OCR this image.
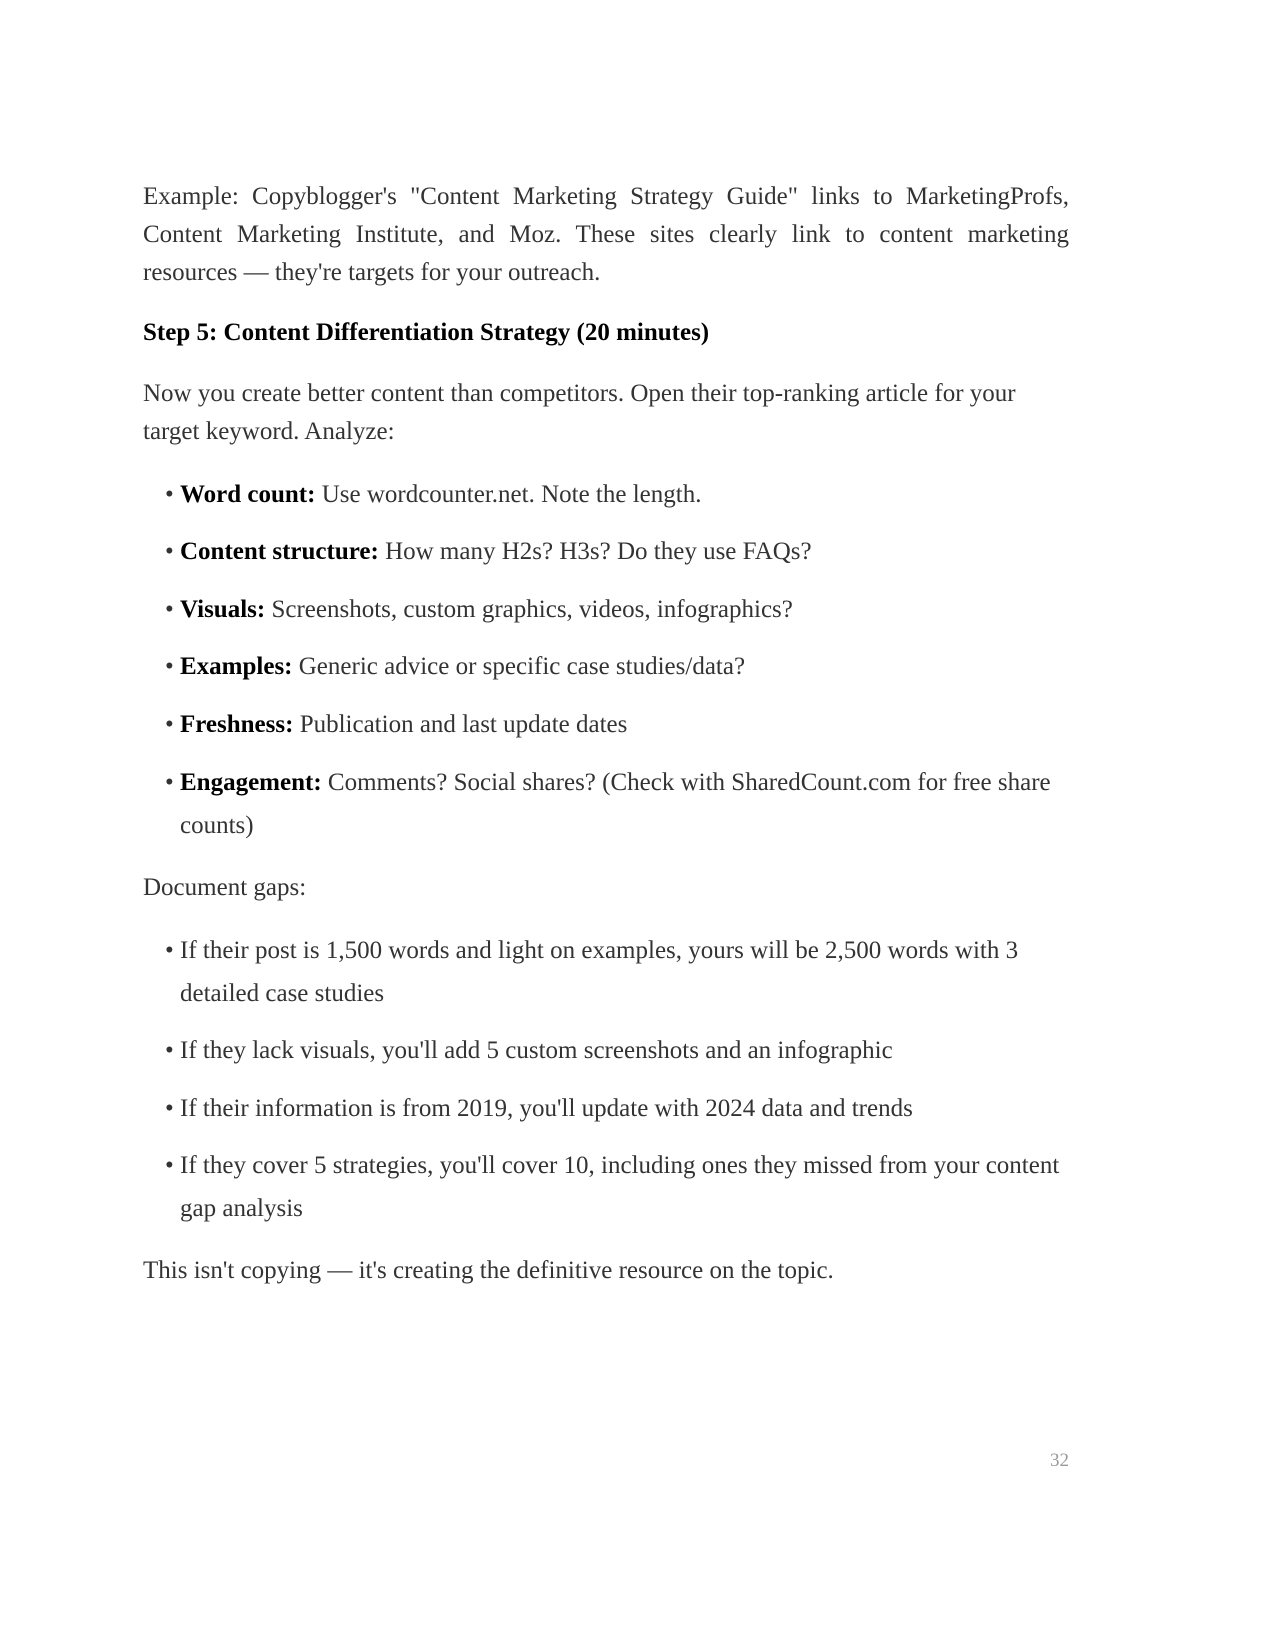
Example: Copyblogger's "Content Marketing Strategy Guide" links to MarketingProfs, Content Marketing Institute, and Moz. These sites clearly link to content marketing resources — they're targets for your outreach.

Step 5: Content Differentiation Strategy (20 minutes)

Now you create better content than competitors. Open their top-ranking article for your target keyword. Analyze:

• Word count: Use wordcounter.net. Note the length.
• Content structure: How many H2s? H3s? Do they use FAQs?
• Visuals: Screenshots, custom graphics, videos, infographics?
• Examples: Generic advice or specific case studies/data?
• Freshness: Publication and last update dates
• Engagement: Comments? Social shares? (Check with SharedCount.com for free share counts)

Document gaps:

• If their post is 1,500 words and light on examples, yours will be 2,500 words with 3 detailed case studies
• If they lack visuals, you'll add 5 custom screenshots and an infographic
• If their information is from 2019, you'll update with 2024 data and trends
• If they cover 5 strategies, you'll cover 10, including ones they missed from your content gap analysis

This isn't copying — it's creating the definitive resource on the topic.

32
